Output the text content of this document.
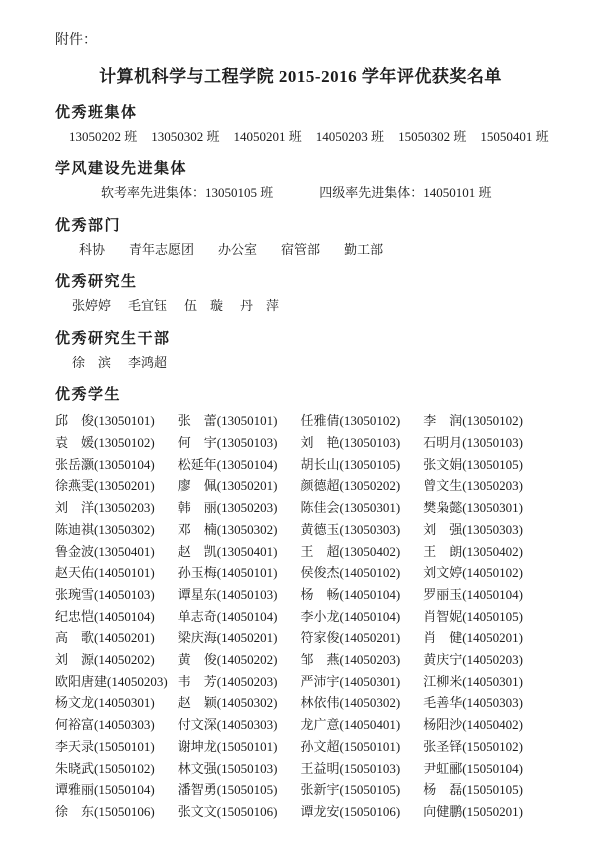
附件：
计算机科学与工程学院 2015-2016 学年评优获奖名单
优秀班集体
13050202 班 13050302 班 14050201 班 14050203 班 15050302 班 15050401 班
学风建设先进集体
软考率先进集体：13050105 班	四级率先进集体：14050101 班
优秀部门
科协 青年志愿团 办公室 宿管部 勤工部
优秀研究生
张婷婷 毛宜钰 伍　璇 丹　萍
优秀研究生干部
徐　滨 李鸿超
优秀学生
邱　俊 ( 13050101 )	张　蕾 ( 13050101 )	任雅倩 ( 13050102 )	李　润 ( 13050102 )
袁　媛 ( 13050102 )	何　宇 ( 13050103 )	刘　艳 ( 13050103 )	石明月 ( 13050103 )
张岳灏 ( 13050104 )	松延年 ( 13050104 )	胡长山 ( 13050105 )	张文娟 ( 13050105 )
徐燕雯 ( 13050201 )	廖　佩 ( 13050201 )	颜德超 ( 13050202 )	曾文生 ( 13050203 )
刘　洋 ( 13050203 )	韩　丽 ( 13050203 )	陈佳会 ( 13050301 )	樊枭懿 ( 13050301 )
陈迪祺 ( 13050302 )	邓　楠 ( 13050302 )	黄德玉 ( 13050303 )	刘　强 ( 13050303 )
鲁金波 ( 13050401 )	赵　凯 ( 13050401 )	王　超 ( 13050402 )	王　朗 ( 13050402 )
赵天佑 ( 14050101 )	孙玉梅 ( 14050101 )	侯俊杰 ( 14050102 )	刘文婷 ( 14050102 )
张琬雪 ( 14050103 )	谭星东 ( 14050103 )	杨　畅 ( 14050104 )	罗丽玉 ( 14050104 )
纪忠恺 ( 14050104 )	单志奇 ( 14050104 )	李小龙 ( 14050104 )	肖智妮 ( 14050105 )
高　歌 ( 14050201 )	梁庆海 ( 14050201 )	符家俊 ( 14050201 )	肖　健 ( 14050201 )
刘　源 ( 14050202 )	黄　俊 ( 14050202 )	邹　燕 ( 14050203 )	黄庆宁 ( 14050203 )
欧阳唐建 ( 14050203 )	韦　芳 ( 14050203 )	严沛宇 ( 14050301 )	江柳米 ( 14050301 )
杨文龙 ( 14050301 )	赵　颖 ( 14050302 )	林依伟 ( 14050302 )	毛善华 ( 14050303 )
何裕富 ( 14050303 )	付文深 ( 14050303 )	龙广意 ( 14050401 )	杨阳沙 ( 14050402 )
李天录 ( 15050101 )	谢坤龙 ( 15050101 )	孙文超 ( 15050101 )	张圣铎 ( 15050102 )
朱晓武 ( 15050102 )	林文强 ( 15050103 )	王益明 ( 15050103 )	尹虹郦 ( 15050104 )
谭雅丽 ( 15050104 )	潘智勇 ( 15050105 )	张新宇 ( 15050105 )	杨　磊 ( 15050105 )
徐　东 ( 15050106 )	张文文 ( 15050106 )	谭龙安 ( 15050106 )	向健鹏 ( 15050201 )
